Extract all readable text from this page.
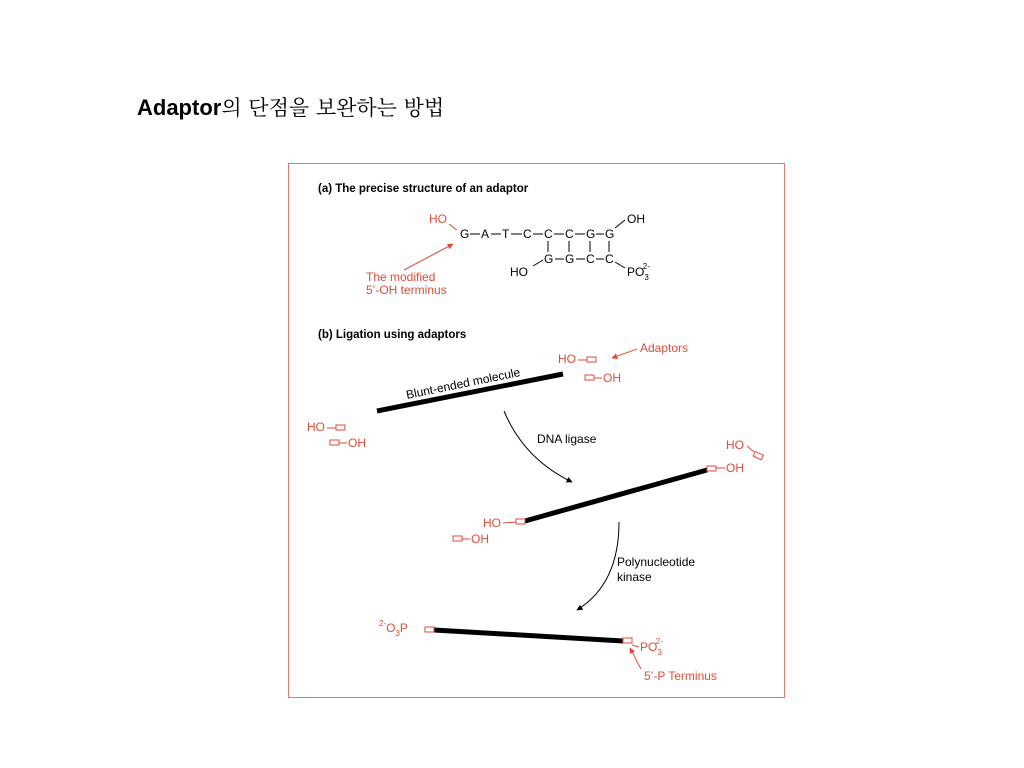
Adaptor의 단점을 보완하는 방법
(a) The precise structure of an adaptor
HO
G A T C C C G G
OH
G G C C
HO	$PO_32-$
The modified
5’-OH terminus
(b) Ligation using adaptors
HO
OH
Adaptors
Blunt-ended molecule
HO
OH	DNA ligase
HO
OH
OH
HO
Polynucleotide
kinase
$^{2-}O_3P$
$PO_32-$
5’-P Terminus
